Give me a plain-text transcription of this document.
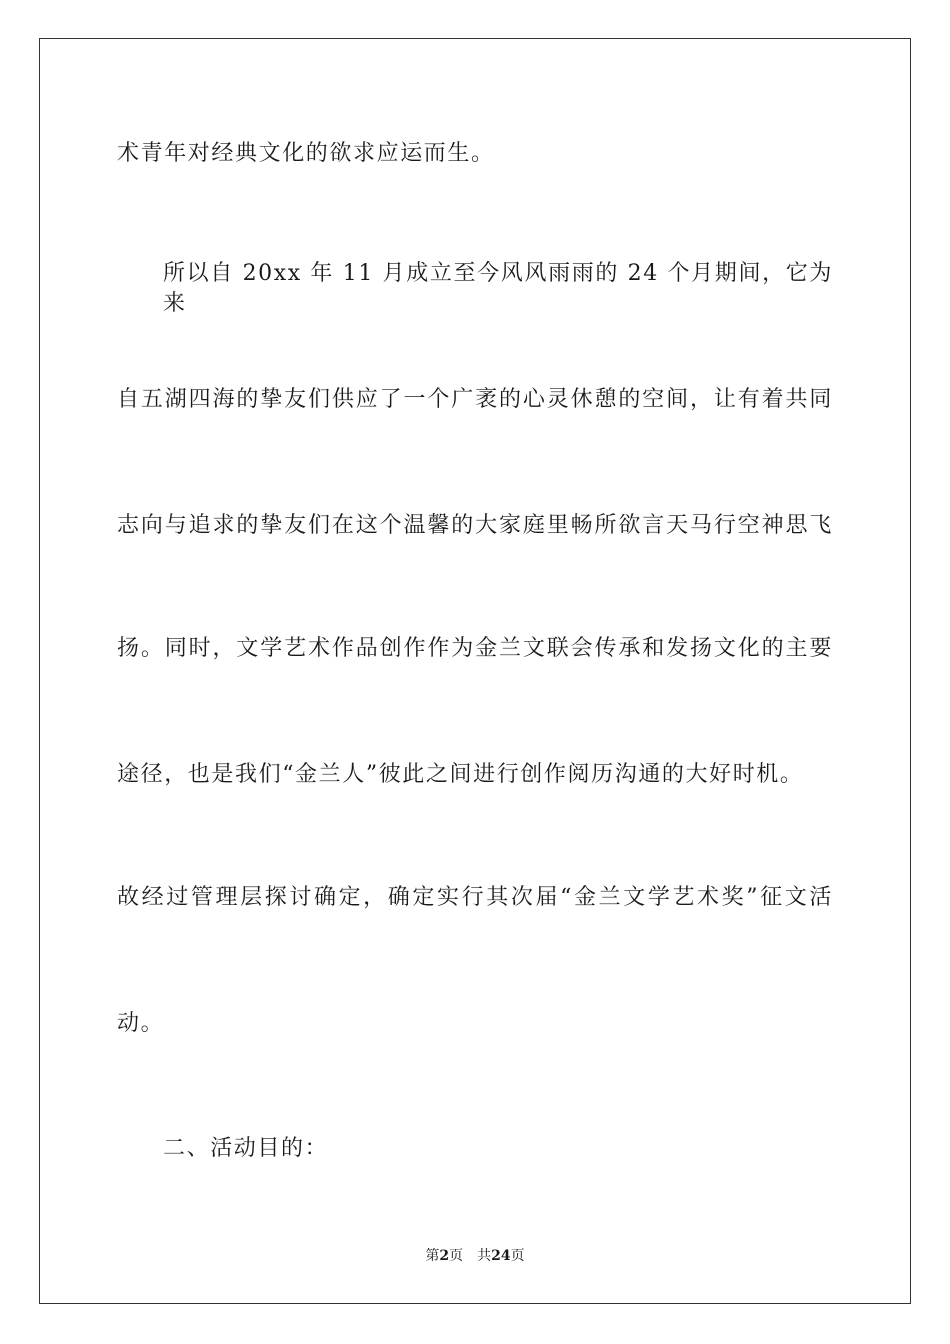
术青年对经典文化的欲求应运而生。
所以自 20xx 年 11 月成立至今风风雨雨的 24 个月期间，它为来
自五湖四海的挚友们供应了一个广袤的心灵休憩的空间，让有着共同
志向与追求的挚友们在这个温馨的大家庭里畅所欲言天马行空神思飞
扬。同时，文学艺术作品创作作为金兰文联会传承和发扬文化的主要
途径，也是我们“金兰人”彼此之间进行创作阅历沟通的大好时机。
故经过管理层探讨确定，确定实行其次届“金兰文学艺术奖”征文活
动。
二、活动目的：
第2页 共24页
